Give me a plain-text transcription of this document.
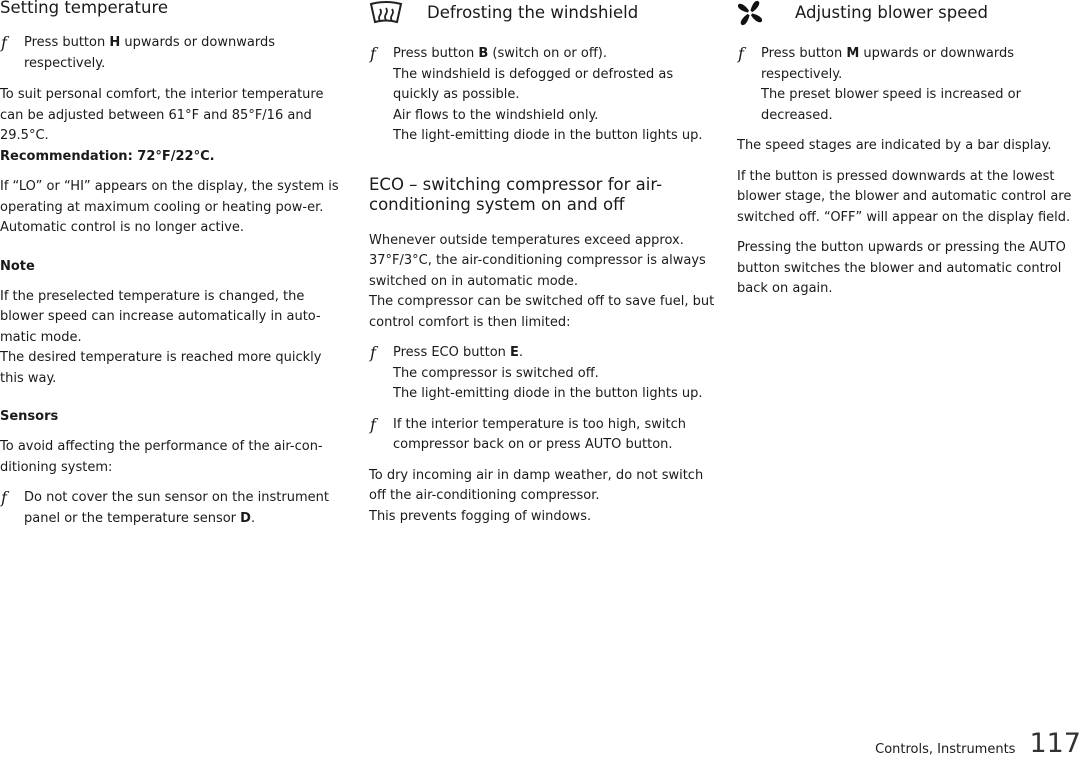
Setting temperature
f Press button H upwards or downwards respectively.

To suit personal comfort, the interior temperature can be adjusted between 61°F and 85°F/16 and 29.5°C.

Recommendation: 72°F/22°C.

If “LO” or “HI” appears on the display, the system is operating at maximum cooling or heating pow-er.

Automatic control is no longer active.

Note

If the preselected temperature is changed, the blower speed can increase automatically in auto-matic mode.

The desired temperature is reached more quickly this way.

Sensors

To avoid affecting the performance of the air-con-ditioning system:

f Do not cover the sun sensor on the instrument panel or the temperature sensor D.
Defrosting the windshield
f Press button B (switch on or off).
The windshield is defogged or defrosted as quickly as possible.
Air flows to the windshield only.
The light-emitting diode in the button lights up.
ECO – switching compressor for air-conditioning system on and off

Whenever outside temperatures exceed approx. 37°F/3°C, the air-conditioning compressor is always switched on in automatic mode.

The compressor can be switched off to save fuel, but control comfort is then limited:

f Press ECO button E.
The compressor is switched off.
The light-emitting diode in the button lights up.
f If the interior temperature is too high, switch compressor back on or press AUTO button.

To dry incoming air in damp weather, do not switch off the air-conditioning compressor.

This prevents fogging of windows.

Adjusting blower speed
f Press button M upwards or downwards respectively.
The preset blower speed is increased or decreased.

The speed stages are indicated by a bar display.

If the button is pressed downwards at the lowest blower stage, the blower and automatic control are switched off. “OFF” will appear on the display field.

Pressing the button upwards or pressing the AUTO button switches the blower and automatic control back on again.

Controls, Instruments 117
